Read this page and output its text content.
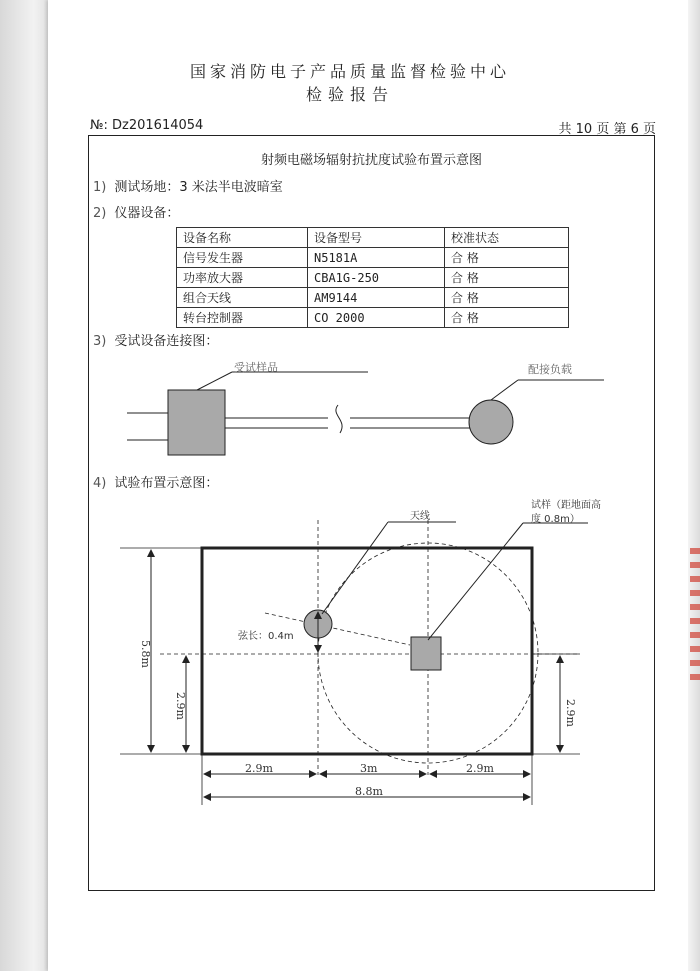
国家消防电子产品质量监督检验中心
检验报告
№: Dz201614054	共 10 页 第 6 页
射频电磁场辐射抗扰度试验布置示意图
1) 测试场地：3 米法半电波暗室
2) 仪器设备：
设备名称	设备型号	校准状态
信号发生器	N5181A	合 格
功率放大器	CBA1G-250	合 格
组合天线	AM9144	合 格
转台控制器	CO 2000	合 格
3) 受试设备连接图：
4) 试验布置示意图：
受试样品	配接负载
天线
试样（距地面高
度 0.8m）
弦长：0.4m
5.8m
2.9m	2.9m
2.9m	3m	2.9m
8.8m
